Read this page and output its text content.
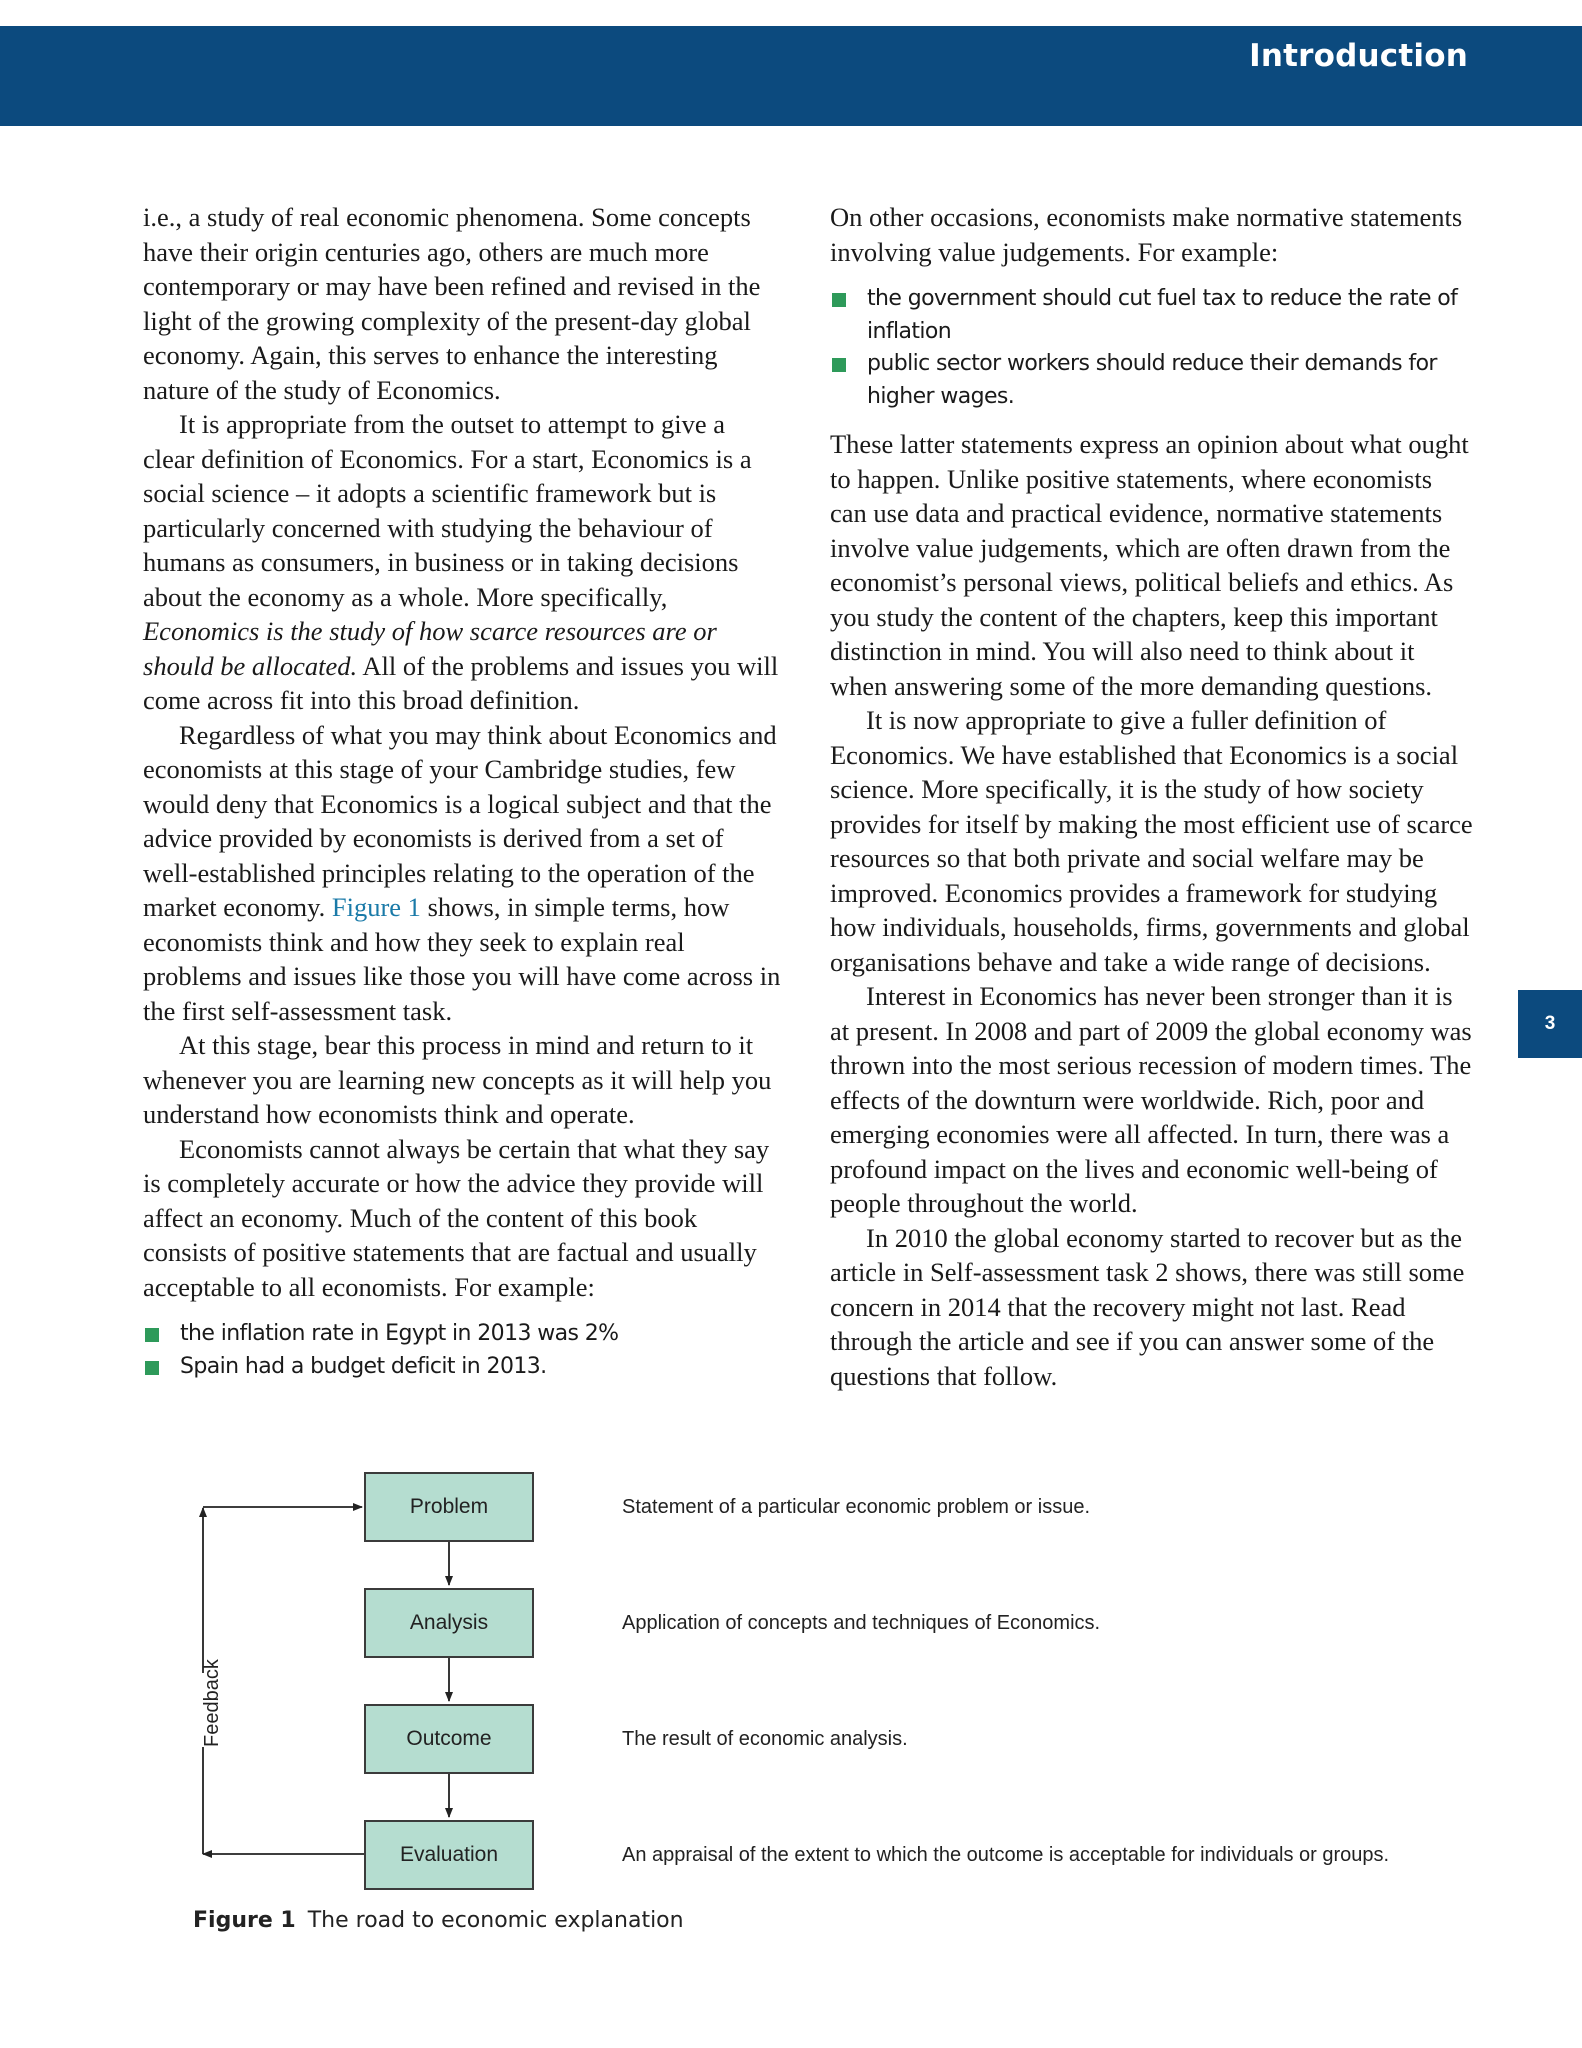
Introduction
3

i.e., a study of real economic phenomena. Some concepts have their origin centuries ago, others are much more contemporary or may have been refined and revised in the light of the growing complexity of the present-day global economy. Again, this serves to enhance the interesting nature of the study of Economics.

It is appropriate from the outset to attempt to give a clear definition of Economics. For a start, Economics is a social science – it adopts a scientific framework but is particularly concerned with studying the behaviour of humans as consumers, in business or in taking decisions about the economy as a whole. More specifically, Economics is the study of how scarce resources are or should be allocated. All of the problems and issues you will come across fit into this broad definition.

Regardless of what you may think about Economics and economists at this stage of your Cambridge studies, few would deny that Economics is a logical subject and that the advice provided by economists is derived from a set of well-established principles relating to the operation of the market economy. Figure 1 shows, in simple terms, how economists think and how they seek to explain real problems and issues like those you will have come across in the first self-assessment task.

At this stage, bear this process in mind and return to it whenever you are learning new concepts as it will help you understand how economists think and operate.

Economists cannot always be certain that what they say is completely accurate or how the advice they provide will affect an economy. Much of the content of this book consists of positive statements that are factual and usually acceptable to all economists. For example:

the inflation rate in Egypt in 2013 was 2%
Spain had a budget deficit in 2013.

On other occasions, economists make normative statements involving value judgements. For example:

the government should cut fuel tax to reduce the rate of inflation
public sector workers should reduce their demands for higher wages.

These latter statements express an opinion about what ought to happen. Unlike positive statements, where economists can use data and practical evidence, normative statements involve value judgements, which are often drawn from the economist’s personal views, political beliefs and ethics. As you study the content of the chapters, keep this important distinction in mind. You will also need to think about it when answering some of the more demanding questions.

It is now appropriate to give a fuller definition of Economics. We have established that Economics is a social science. More specifically, it is the study of how society provides for itself by making the most efficient use of scarce resources so that both private and social welfare may be improved. Economics provides a framework for studying how individuals, households, firms, governments and global organisations behave and take a wide range of decisions.

Interest in Economics has never been stronger than it is at present. In 2008 and part of 2009 the global economy was thrown into the most serious recession of modern times. The effects of the downturn were worldwide. Rich, poor and emerging economies were all affected. In turn, there was a profound impact on the lives and economic well-being of people throughout the world.

In 2010 the global economy started to recover but as the article in Self-assessment task 2 shows, there was still some concern in 2014 that the recovery might not last. Read through the article and see if you can answer some of the questions that follow.

Problem
Analysis
Outcome
Evaluation
Statement of a particular economic problem or issue.
Application of concepts and techniques of Economics.
The result of economic analysis.
An appraisal of the extent to which the outcome is acceptable for individuals or groups.
Feedback
Figure 1 The road to economic explanation
